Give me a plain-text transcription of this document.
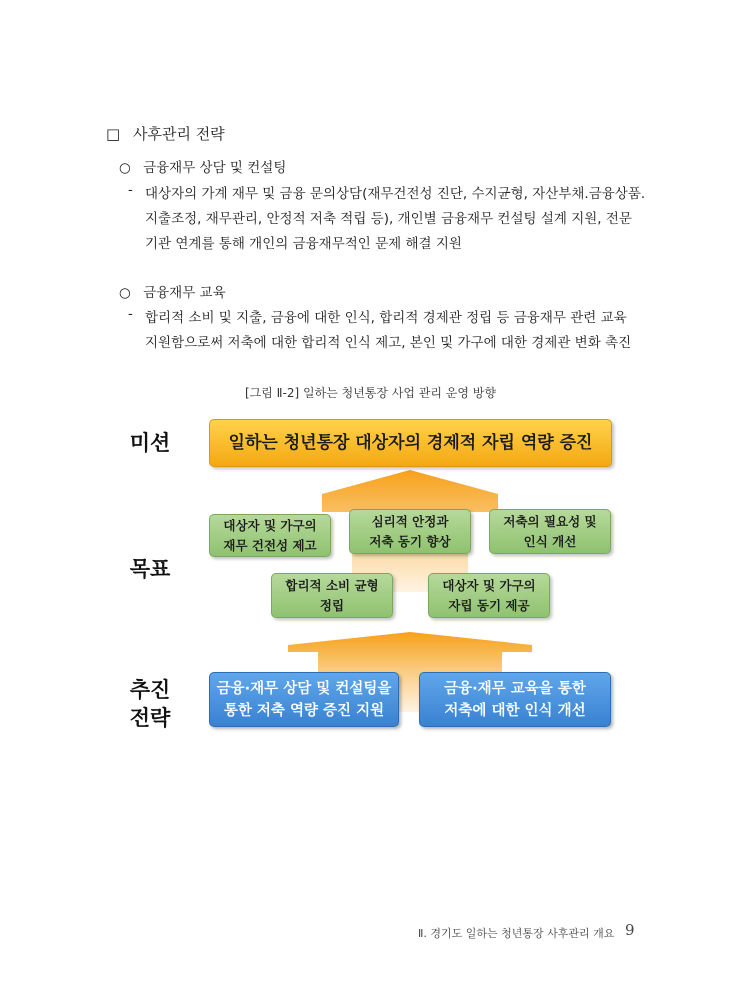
□ 사후관리 전략
○ 금융재무 상담 및 컨설팅
- 대상자의 가계 재무 및 금융 문의상담(재무건전성 진단, 수지균형, 자산부채.금융상품.
지출조정, 재무관리, 안정적 저축 적립 등), 개인별 금융재무 컨설팅 설계 지원, 전문
기관 연계를 통해 개인의 금융재무적인 문제 해결 지원
○ 금융재무 교육
- 합리적 소비 및 지출, 금융에 대한 인식, 합리적 경제관 정립 등 금융재무 관련 교육
지원함으로써 저축에 대한 합리적 인식 제고, 본인 및 가구에 대한 경제관 변화 촉진
[그림 Ⅱ-2] 일하는 청년통장 사업 관리 운영 방향
미션
목표
추진
전략
일하는 청년통장 대상자의 경제적 자립 역량 증진
대상자 및 가구의
재무 건전성 제고
심리적 안정과
저축 동기 향상
저축의 필요성 및
인식 개선
합리적 소비 균형
정립
대상자 및 가구의
자립 동기 제공
금융·재무 상담 및 컨설팅을
통한 저축 역량 증진 지원
금융·재무 교육을 통한
저축에 대한 인식 개선
Ⅱ. 경기도 일하는 청년통장 사후관리 개요 9
